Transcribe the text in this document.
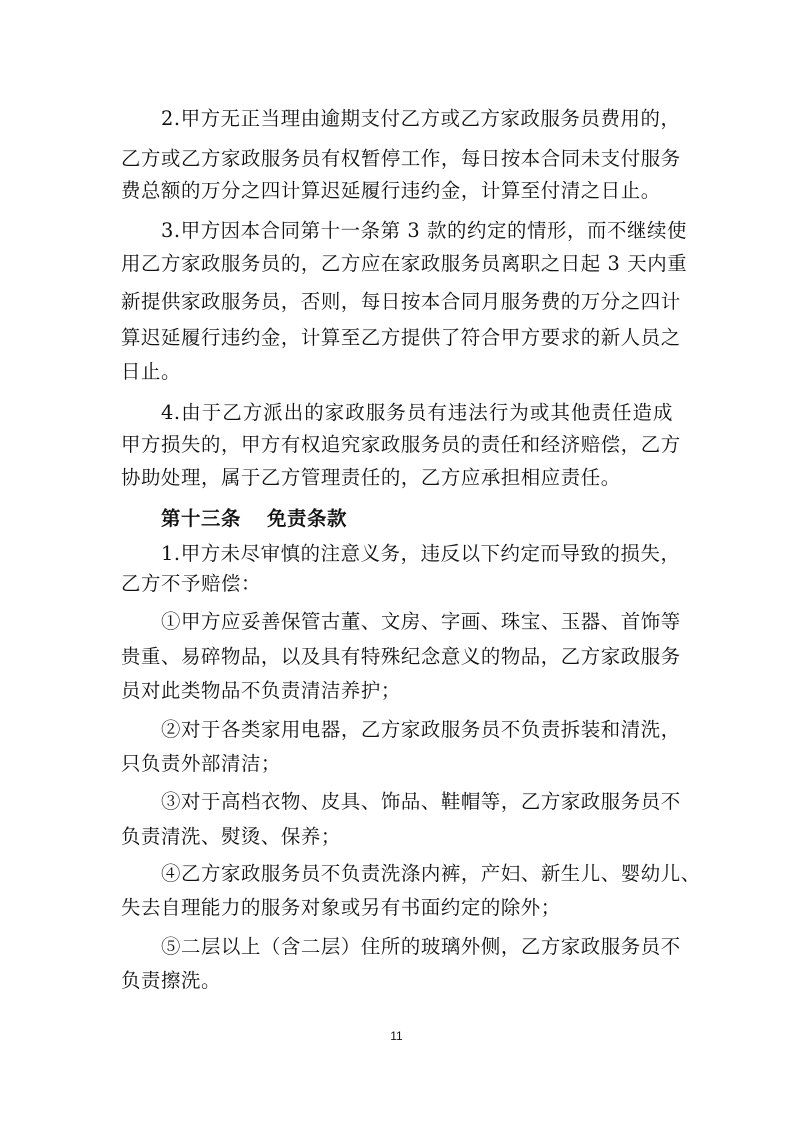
2.甲方无正当理由逾期支付乙方或乙方家政服务员费用的，
乙方或乙方家政服务员有权暂停工作，每日按本合同未支付服务
费总额的万分之四计算迟延履行违约金，计算至付清之日止。
3.甲方因本合同第十一条第 3 款的约定的情形，而不继续使
用乙方家政服务员的，乙方应在家政服务员离职之日起 3 天内重
新提供家政服务员，否则，每日按本合同月服务费的万分之四计
算迟延履行违约金，计算至乙方提供了符合甲方要求的新人员之
日止。
4.由于乙方派出的家政服务员有违法行为或其他责任造成
甲方损失的，甲方有权追究家政服务员的责任和经济赔偿，乙方
协助处理，属于乙方管理责任的，乙方应承担相应责任。
第十三条 免责条款
1.甲方未尽审慎的注意义务，违反以下约定而导致的损失，
乙方不予赔偿：
①甲方应妥善保管古董、文房、字画、珠宝、玉器、首饰等
贵重、易碎物品，以及具有特殊纪念意义的物品，乙方家政服务
员对此类物品不负责清洁养护；
②对于各类家用电器，乙方家政服务员不负责拆装和清洗，
只负责外部清洁；
③对于高档衣物、皮具、饰品、鞋帽等，乙方家政服务员不
负责清洗、熨烫、保养；
④乙方家政服务员不负责洗涤内裤，产妇、新生儿、婴幼儿、
失去自理能力的服务对象或另有书面约定的除外；
⑤二层以上（含二层）住所的玻璃外侧，乙方家政服务员不
负责擦洗。
11
